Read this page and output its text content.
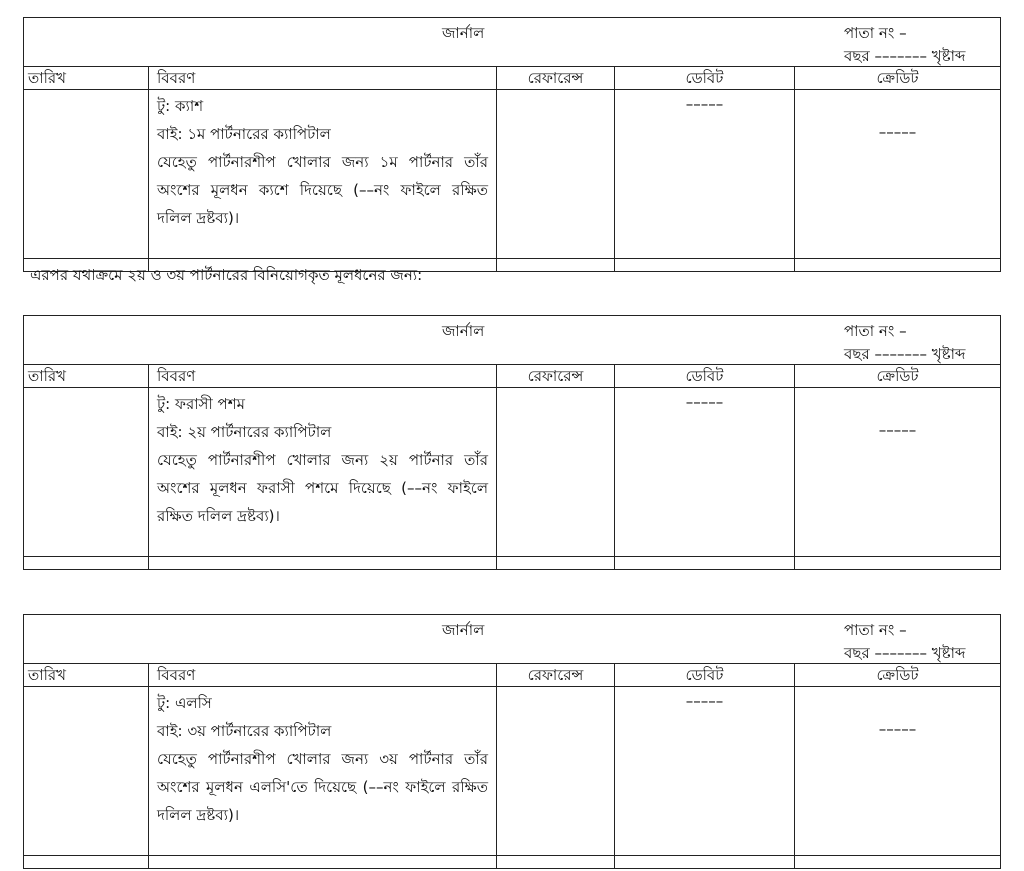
জার্নাল পাতা নং –
বছর ––––––– খৃষ্টাব্দ				

তারিখ	বিবরণ	রেফারেন্স	ডেবিট	ক্রেডিট

	টু: ক্যাশ
বাই: ১ম পার্টনারের ক্যাপিটাল
যেহেতু পার্টনারশীপ খোলার জন্য ১ম পার্টনার তাঁর অংশের মূলধন ক্যশে দিয়েছে (––নং ফাইলে রক্ষিত দলিল দ্রষ্টব্য)।		–––––	–––––

এরপর যথাক্রমে ২য় ও ৩য় পার্টনারের বিনিয়োগকৃত মূলধনের জন্য:
জার্নাল পাতা নং –
বছর ––––––– খৃষ্টাব্দ				

তারিখ	বিবরণ	রেফারেন্স	ডেবিট	ক্রেডিট

	টু: ফরাসী পশম
বাই: ২য় পার্টনারের ক্যাপিটাল
যেহেতু পার্টনারশীপ খোলার জন্য ২য় পার্টনার তাঁর অংশের মূলধন ফরাসী পশমে দিয়েছে (––নং ফাইলে রক্ষিত দলিল দ্রষ্টব্য)।		–––––	–––––

জার্নাল পাতা নং –
বছর ––––––– খৃষ্টাব্দ				

তারিখ	বিবরণ	রেফারেন্স	ডেবিট	ক্রেডিট

	টু: এলসি
বাই: ৩য় পার্টনারের ক্যাপিটাল
যেহেতু পার্টনারশীপ খোলার জন্য ৩য় পার্টনার তাঁর অংশের মূলধন এলসি'তে দিয়েছে (––নং ফাইলে রক্ষিত দলিল দ্রষ্টব্য)।		–––––	–––––
